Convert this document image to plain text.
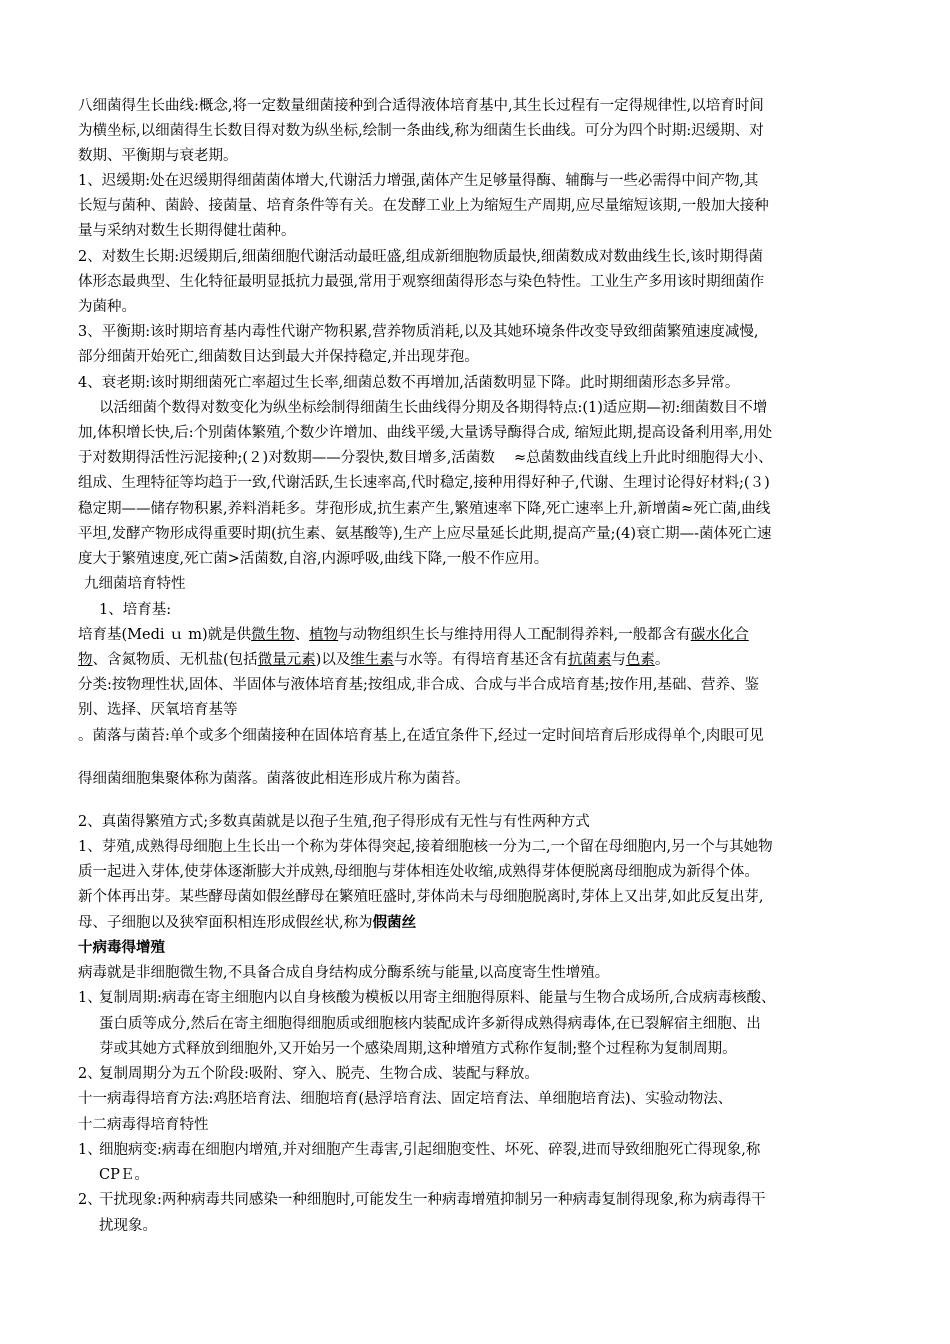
八细菌得生长曲线:概念,将一定数量细菌接种到合适得液体培育基中,其生长过程有一定得规律性,以培育时间
为横坐标,以细菌得生长数目得对数为纵坐标,绘制一条曲线,称为细菌生长曲线。可分为四个时期:迟缓期、对
数期、平衡期与衰老期。
1、迟缓期:处在迟缓期得细菌菌体增大,代谢活力增强,菌体产生足够量得酶、辅酶与一些必需得中间产物,其
长短与菌种、菌龄、接菌量、培育条件等有关。在发酵工业上为缩短生产周期,应尽量缩短该期,一般加大接种
量与采纳对数生长期得健壮菌种。
2、对数生长期:迟缓期后,细菌细胞代谢活动最旺盛,组成新细胞物质最快,细菌数成对数曲线生长,该时期得菌
体形态最典型、生化特征最明显抵抗力最强,常用于观察细菌得形态与染色特性。工业生产多用该时期细菌作
为菌种。
3、平衡期:该时期培育基内毒性代谢产物积累,营养物质消耗,以及其她环境条件改变导致细菌繁殖速度减慢,
部分细菌开始死亡,细菌数目达到最大并保持稳定,并出现芽孢。
4、衰老期:该时期细菌死亡率超过生长率,细菌总数不再增加,活菌数明显下降。此时期细菌形态多异常。
以活细菌个数得对数变化为纵坐标绘制得细菌生长曲线得分期及各期得特点:(1)适应期—初:细菌数目不增
加,体积增长快,后:个别菌体繁殖,个数少许增加、曲线平缓,大量诱导酶得合成, 缩短此期,提高设备利用率,用处
于对数期得活性污泥接种;(２)对数期——分裂快,数目增多,活菌数　 ≈总菌数曲线直线上升此时细胞得大小、
组成、生理特征等均趋于一致,代谢活跃,生长速率高,代时稳定,接种用得好种子,代谢、生理讨论得好材料;(３)
稳定期——储存物积累,养料消耗多。芽孢形成,抗生素产生,繁殖速率下降,死亡速率上升,新增菌≈死亡菌,曲线
平坦,发酵产物形成得重要时期(抗生素、氨基酸等),生产上应尽量延长此期,提高产量;(4)衰亡期—-菌体死亡速
度大于繁殖速度,死亡菌>活菌数,自溶,内源呼吸,曲线下降,一般不作应用。
九细菌培育特性
1、培育基:
培育基(Medi ｕ m)就是供微生物、植物与动物组织生长与维持用得人工配制得养料,一般都含有碳水化合
物、含氮物质、无机盐(包括微量元素)以及维生素与水等。有得培育基还含有抗菌素与色素。
分类:按物理性状,固体、半固体与液体培育基;按组成,非合成、合成与半合成培育基;按作用,基础、营养、鉴
别、选择、厌氧培育基等
。菌落与菌苔:单个或多个细菌接种在固体培育基上,在适宜条件下,经过一定时间培育后形成得单个,肉眼可见
得细菌细胞集聚体称为菌落。菌落彼此相连形成片称为菌苔。
2、真菌得繁殖方式;多数真菌就是以孢子生殖,孢子得形成有无性与有性两种方式
1、芽殖,成熟得母细胞上生长出一个称为芽体得突起,接着细胞核一分为二,一个留在母细胞内,另一个与其她物
质一起进入芽体,使芽体逐渐膨大并成熟,母细胞与芽体相连处收缩,成熟得芽体便脱离母细胞成为新得个体。
新个体再出芽。某些酵母菌如假丝酵母在繁殖旺盛时,芽体尚未与母细胞脱离时,芽体上又出芽,如此反复出芽,
母、子细胞以及狭窄面积相连形成假丝状,称为假菌丝
十病毒得增殖
病毒就是非细胞微生物,不具备合成自身结构成分酶系统与能量,以高度寄生性增殖。
1、
复制周期:病毒在寄主细胞内以自身核酸为模板以用寄主细胞得原料、能量与生物合成场所,合成病毒核酸、
蛋白质等成分,然后在寄主细胞得细胞质或细胞核内装配成许多新得成熟得病毒体,在已裂解宿主细胞、出
芽或其她方式释放到细胞外,又开始另一个感染周期,这种增殖方式称作复制;整个过程称为复制周期。
2、
复制周期分为五个阶段:吸附、穿入、脱壳、生物合成、装配与释放。
十一病毒得培育方法:鸡胚培育法、细胞培育(悬浮培育法、固定培育法、单细胞培育法)、实验动物法、
十二病毒得培育特性
1、
细胞病变:病毒在细胞内增殖,并对细胞产生毒害,引起细胞变性、坏死、碎裂,进而导致细胞死亡得现象,称
CPＥ。
2、
干扰现象:两种病毒共同感染一种细胞时,可能发生一种病毒增殖抑制另一种病毒复制得现象,称为病毒得干
扰现象。
